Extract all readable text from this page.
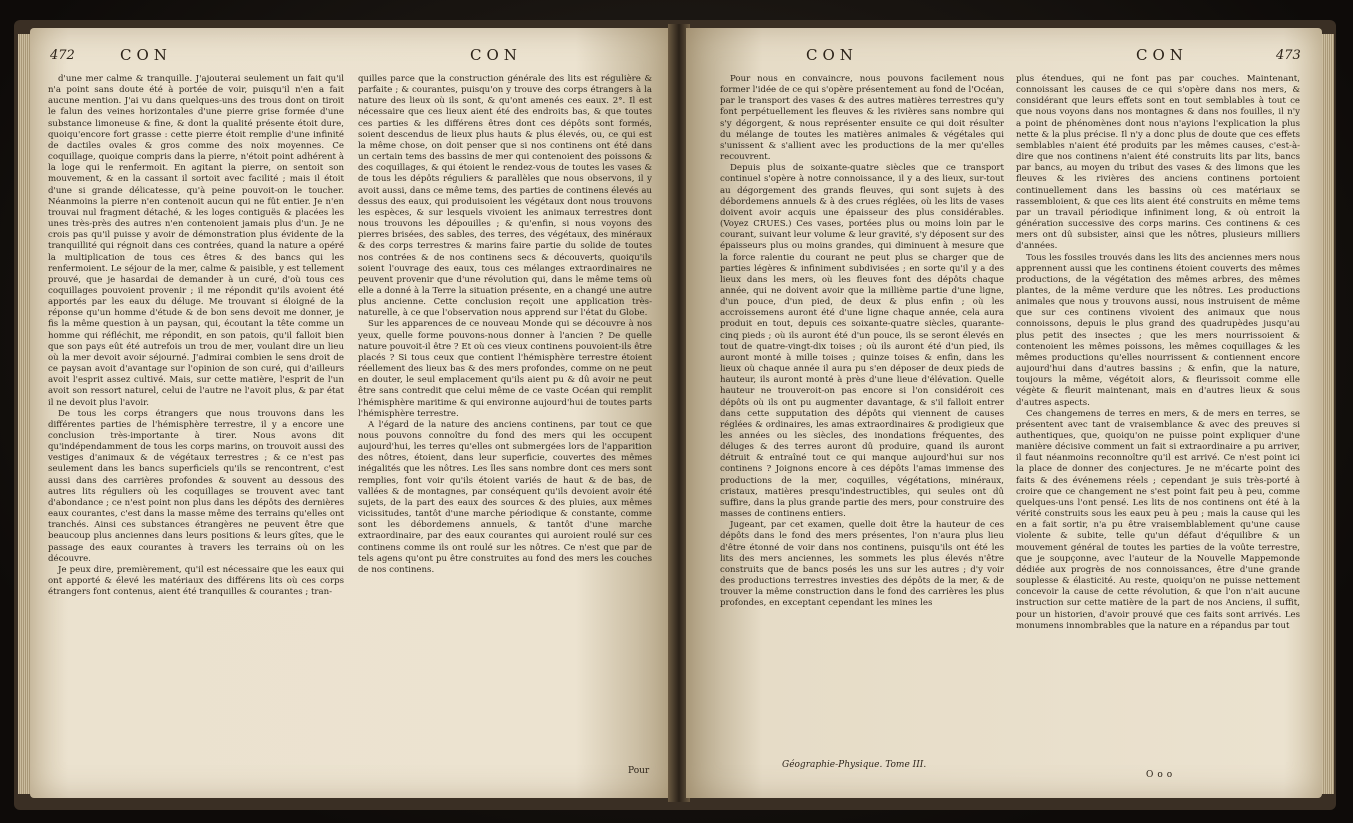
472	CON	CON

d'une mer calme & tranquille. J'ajouterai seulement un fait qu'il n'a point sans doute été à portée de voir, puisqu'il n'en a fait aucune mention. J'ai vu dans quelques-uns des trous dont on tiroit le falun des veines horizontales d'une pierre grise formée d'une substance limoneuse & fine, & dont la qualité présente étoit dure, quoiqu'encore fort grasse : cette pierre étoit remplie d'une infinité de dactiles ovales & gros comme des noix moyennes. Ce coquillage, quoique compris dans la pierre, n'étoit point adhérent à la loge qui le renfermoit. En agitant la pierre, on sentoit son mouvement, & en la cassant il sortoit avec facilité ; mais il étoit d'une si grande délicatesse, qu'à peine pouvoit-on le toucher. Néanmoins la pierre n'en contenoit aucun qui ne fût entier. Je n'en trouvai nul fragment détaché, & les loges contiguës & placées les unes très-près des autres n'en contenoient jamais plus d'un. Je ne crois pas qu'il puisse y avoir de démonstration plus évidente de la tranquillité qui régnoit dans ces contrées, quand la nature a opéré la multiplication de tous ces êtres & des bancs qui les renfermoient. Le séjour de la mer, calme & paisible, y est tellement prouvé, que je hasardai de demander à un curé, d'où tous ces coquillages pouvoient provenir ; il me répondit qu'ils avoient été apportés par les eaux du déluge. Me trouvant si éloigné de la réponse qu'un homme d'étude & de bon sens devoit me donner, je fis la même question à un paysan, qui, écoutant la tête comme un homme qui réfléchit, me répondit, en son patois, qu'il falloit bien que son pays eût été autrefois un trou de mer, voulant dire un lieu où la mer devoit avoir séjourné. J'admirai combien le sens droit de ce paysan avoit d'avantage sur l'opinion de son curé, qui d'ailleurs avoit l'esprit assez cultivé. Mais, sur cette matière, l'esprit de l'un avoit son ressort naturel, celui de l'autre ne l'avoit plus, & par état il ne devoit plus l'avoir.

De tous les corps étrangers que nous trouvons dans les différentes parties de l'hémisphère terrestre, il y a encore une conclusion très-importante à tirer. Nous avons dit qu'indépendamment de tous les corps marins, on trouvoit aussi des vestiges d'animaux & de végétaux terrestres ; & ce n'est pas seulement dans les bancs superficiels qu'ils se rencontrent, c'est aussi dans des carrières profondes & souvent au dessous des autres lits réguliers où les coquillages se trouvent avec tant d'abondance ; ce n'est point non plus dans les dépôts des dernières eaux courantes, c'est dans la masse même des terrains qu'elles ont tranchés. Ainsi ces substances étrangères ne peuvent être que beaucoup plus anciennes dans leurs positions & leurs gîtes, que le passage des eaux courantes à travers les terrains où on les découvre.

Je peux dire, premièrement, qu'il est nécessaire que les eaux qui ont apporté & élevé les matériaux des différens lits où ces corps étrangers font contenus, aient été tranquilles & courantes ; tran-

quilles parce que la construction générale des lits est régulière & parfaite ; & courantes, puisqu'on y trouve des corps étrangers à la nature des lieux où ils sont, & qu'ont amenés ces eaux. 2°. Il est nécessaire que ces lieux aient été des endroits bas, & que toutes ces parties & les différens êtres dont ces dépôts sont formés, soient descendus de lieux plus hauts & plus élevés, ou, ce qui est la même chose, on doit penser que si nos continens ont été dans un certain tems des bassins de mer qui contenoient des poissons & des coquillages, & qui étoient le rendez-vous de toutes les vases & de tous les dépôts réguliers & parallèles que nous observons, il y avoit aussi, dans ce même tems, des parties de continens élevés au dessus des eaux, qui produisoient les végétaux dont nous trouvons les espèces, & sur lesquels vivoient les animaux terrestres dont nous trouvons les dépouilles ; & qu'enfin, si nous voyons des pierres brisées, des sables, des terres, des végétaux, des minéraux & des corps terrestres & marins faire partie du solide de toutes nos contrées & de nos continens secs & découverts, quoiqu'ils soient l'ouvrage des eaux, tous ces mélanges extraordinaires ne peuvent provenir que d'une révolution qui, dans le même tems où elle a donné à la Terre la situation présente, en a changé une autre plus ancienne. Cette conclusion reçoit une application très-naturelle, à ce que l'observation nous apprend sur l'état du Globe.

Sur les apparences de ce nouveau Monde qui se découvre à nos yeux, quelle forme pouvons-nous donner à l'ancien ? De quelle nature pouvoit-il être ? Et où ces vieux continens pouvoient-ils être placés ? Si tous ceux que contient l'hémisphère terrestre étoient réellement des lieux bas & des mers profondes, comme on ne peut en douter, le seul emplacement qu'ils aient pu & dû avoir ne peut être sans contredit que celui même de ce vaste Océan qui remplit l'hémisphère maritime & qui environne aujourd'hui de toutes parts l'hémisphère terrestre.

A l'égard de la nature des anciens continens, par tout ce que nous pouvons connoître du fond des mers qui les occupent aujourd'hui, les terres qu'elles ont submergées lors de l'apparition des nôtres, étoient, dans leur superficie, couvertes des mêmes inégalités que les nôtres. Les îles sans nombre dont ces mers sont remplies, font voir qu'ils étoient variés de haut & de bas, de vallées & de montagnes, par conséquent qu'ils devoient avoir été sujets, de la part des eaux des sources & des pluies, aux mêmes vicissitudes, tantôt d'une marche périodique & constante, comme sont les débordemens annuels, & tantôt d'une marche extraordinaire, par des eaux courantes qui auroient roulé sur ces continens comme ils ont roulé sur les nôtres. Ce n'est que par de tels agens qu'ont pu être construites au fond des mers les couches de nos continens.

Pour
CON	CON	473

Pour nous en convaincre, nous pouvons facilement nous former l'idée de ce qui s'opère présentement au fond de l'Océan, par le transport des vases & des autres matières terrestres qu'y font perpétuellement les fleuves & les rivières sans nombre qui s'y dégorgent, & nous représenter ensuite ce qui doit résulter du mélange de toutes les matières animales & végétales qui s'unissent & s'allient avec les productions de la mer qu'elles recouvrent.

Depuis plus de soixante-quatre siècles que ce transport continuel s'opère à notre connoissance, il y a des lieux, sur-tout au dégorgement des grands fleuves, qui sont sujets à des débordemens annuels & à des crues réglées, où les lits de vases doivent avoir acquis une épaisseur des plus considérables. (Voyez CRUES.) Ces vases, portées plus ou moins loin par le courant, suivant leur volume & leur gravité, s'y déposent sur des épaisseurs plus ou moins grandes, qui diminuent à mesure que la force ralentie du courant ne peut plus se charger que de parties légères & infiniment subdivisées ; en sorte qu'il y a des lieux dans les mers, où les fleuves font des dépôts chaque année, qui ne doivent avoir que la millième partie d'une ligne, d'un pouce, d'un pied, de deux & plus enfin ; où les accroissemens auront été d'une ligne chaque année, cela aura produit en tout, depuis ces soixante-quatre siècles, quarante-cinq pieds ; où ils auront été d'un pouce, ils se seront élevés en tout de quatre-vingt-dix toises ; où ils auront été d'un pied, ils auront monté à mille toises ; quinze toises & enfin, dans les lieux où chaque année il aura pu s'en déposer de deux pieds de hauteur, ils auront monté à près d'une lieue d'élévation. Quelle hauteur ne trouveroit-on pas encore si l'on considéroit ces dépôts où ils ont pu augmenter davantage, & s'il falloit entrer dans cette supputation des dépôts qui viennent de causes réglées & ordinaires, les amas extraordinaires & prodigieux que les années ou les siècles, des inondations fréquentes, des déluges & des terres auront dû produire, quand ils auront détruit & entraîné tout ce qui manque aujourd'hui sur nos continens ? Joignons encore à ces dépôts l'amas immense des productions de la mer, coquilles, végétations, minéraux, cristaux, matières presqu'indestructibles, qui seules ont dû suffire, dans la plus grande partie des mers, pour construire des masses de continens entiers.

Jugeant, par cet examen, quelle doit être la hauteur de ces dépôts dans le fond des mers présentes, l'on n'aura plus lieu d'être étonné de voir dans nos continens, puisqu'ils ont été les lits des mers anciennes, les sommets les plus élevés n'être construits que de bancs posés les uns sur les autres ; d'y voir des productions terrestres investies des dépôts de la mer, & de trouver la même construction dans le fond des carrières les plus profondes, en exceptant cependant les mines les

plus étendues, qui ne font pas par couches. Maintenant, connoissant les causes de ce qui s'opère dans nos mers, & considérant que leurs effets sont en tout semblables à tout ce que nous voyons dans nos montagnes & dans nos fouilles, il n'y a point de phénomènes dont nous n'ayions l'explication la plus nette & la plus précise. Il n'y a donc plus de doute que ces effets semblables n'aient été produits par les mêmes causes, c'est-à-dire que nos continens n'aient été construits lits par lits, bancs par bancs, au moyen du tribut des vases & des limons que les fleuves & les rivières des anciens continens portoient continuellement dans les bassins où ces matériaux se rassembloient, & que ces lits aient été construits en même tems par un travail périodique infiniment long, & où entroit la génération successive des corps marins. Ces continens & ces mers ont dû subsister, ainsi que les nôtres, plusieurs milliers d'années.

Tous les fossiles trouvés dans les lits des anciennes mers nous apprennent aussi que les continens étoient couverts des mêmes productions, de la végétation des mêmes arbres, des mêmes plantes, de la même verdure que les nôtres. Les productions animales que nous y trouvons aussi, nous instruisent de même que sur ces continens vivoient des animaux que nous connoissons, depuis le plus grand des quadrupèdes jusqu'au plus petit des insectes ; que les mers nourrissoient & contenoient les mêmes poissons, les mêmes coquillages & les mêmes productions qu'elles nourrissent & contiennent encore aujourd'hui dans d'autres bassins ; & enfin, que la nature, toujours la même, végétoit alors, & fleurissoit comme elle végète & fleurit maintenant, mais en d'autres lieux & sous d'autres aspects.

Ces changemens de terres en mers, & de mers en terres, se présentent avec tant de vraisemblance & avec des preuves si authentiques, que, quoiqu'on ne puisse point expliquer d'une manière décisive comment un fait si extraordinaire a pu arriver, il faut néanmoins reconnoître qu'il est arrivé. Ce n'est point ici la place de donner des conjectures. Je ne m'écarte point des faits & des événemens réels ; cependant je suis très-porté à croire que ce changement ne s'est point fait peu à peu, comme quelques-uns l'ont pensé. Les lits de nos continens ont été à la vérité construits sous les eaux peu à peu ; mais la cause qui les en a fait sortir, n'a pu être vraisemblablement qu'une cause violente & subite, telle qu'un défaut d'équilibre & un mouvement général de toutes les parties de la voûte terrestre, que je soupçonne, avec l'auteur de la Nouvelle Mappemonde dédiée aux progrès de nos connoissances, être d'une grande souplesse & élasticité. Au reste, quoiqu'on ne puisse nettement concevoir la cause de cette révolution, & que l'on n'ait aucune instruction sur cette matière de la part de nos Anciens, il suffit, pour un historien, d'avoir prouvé que ces faits sont arrivés. Les monumens innombrables que la nature en a répandus par tout

Géographie-Physique. Tome III.
Ooo
